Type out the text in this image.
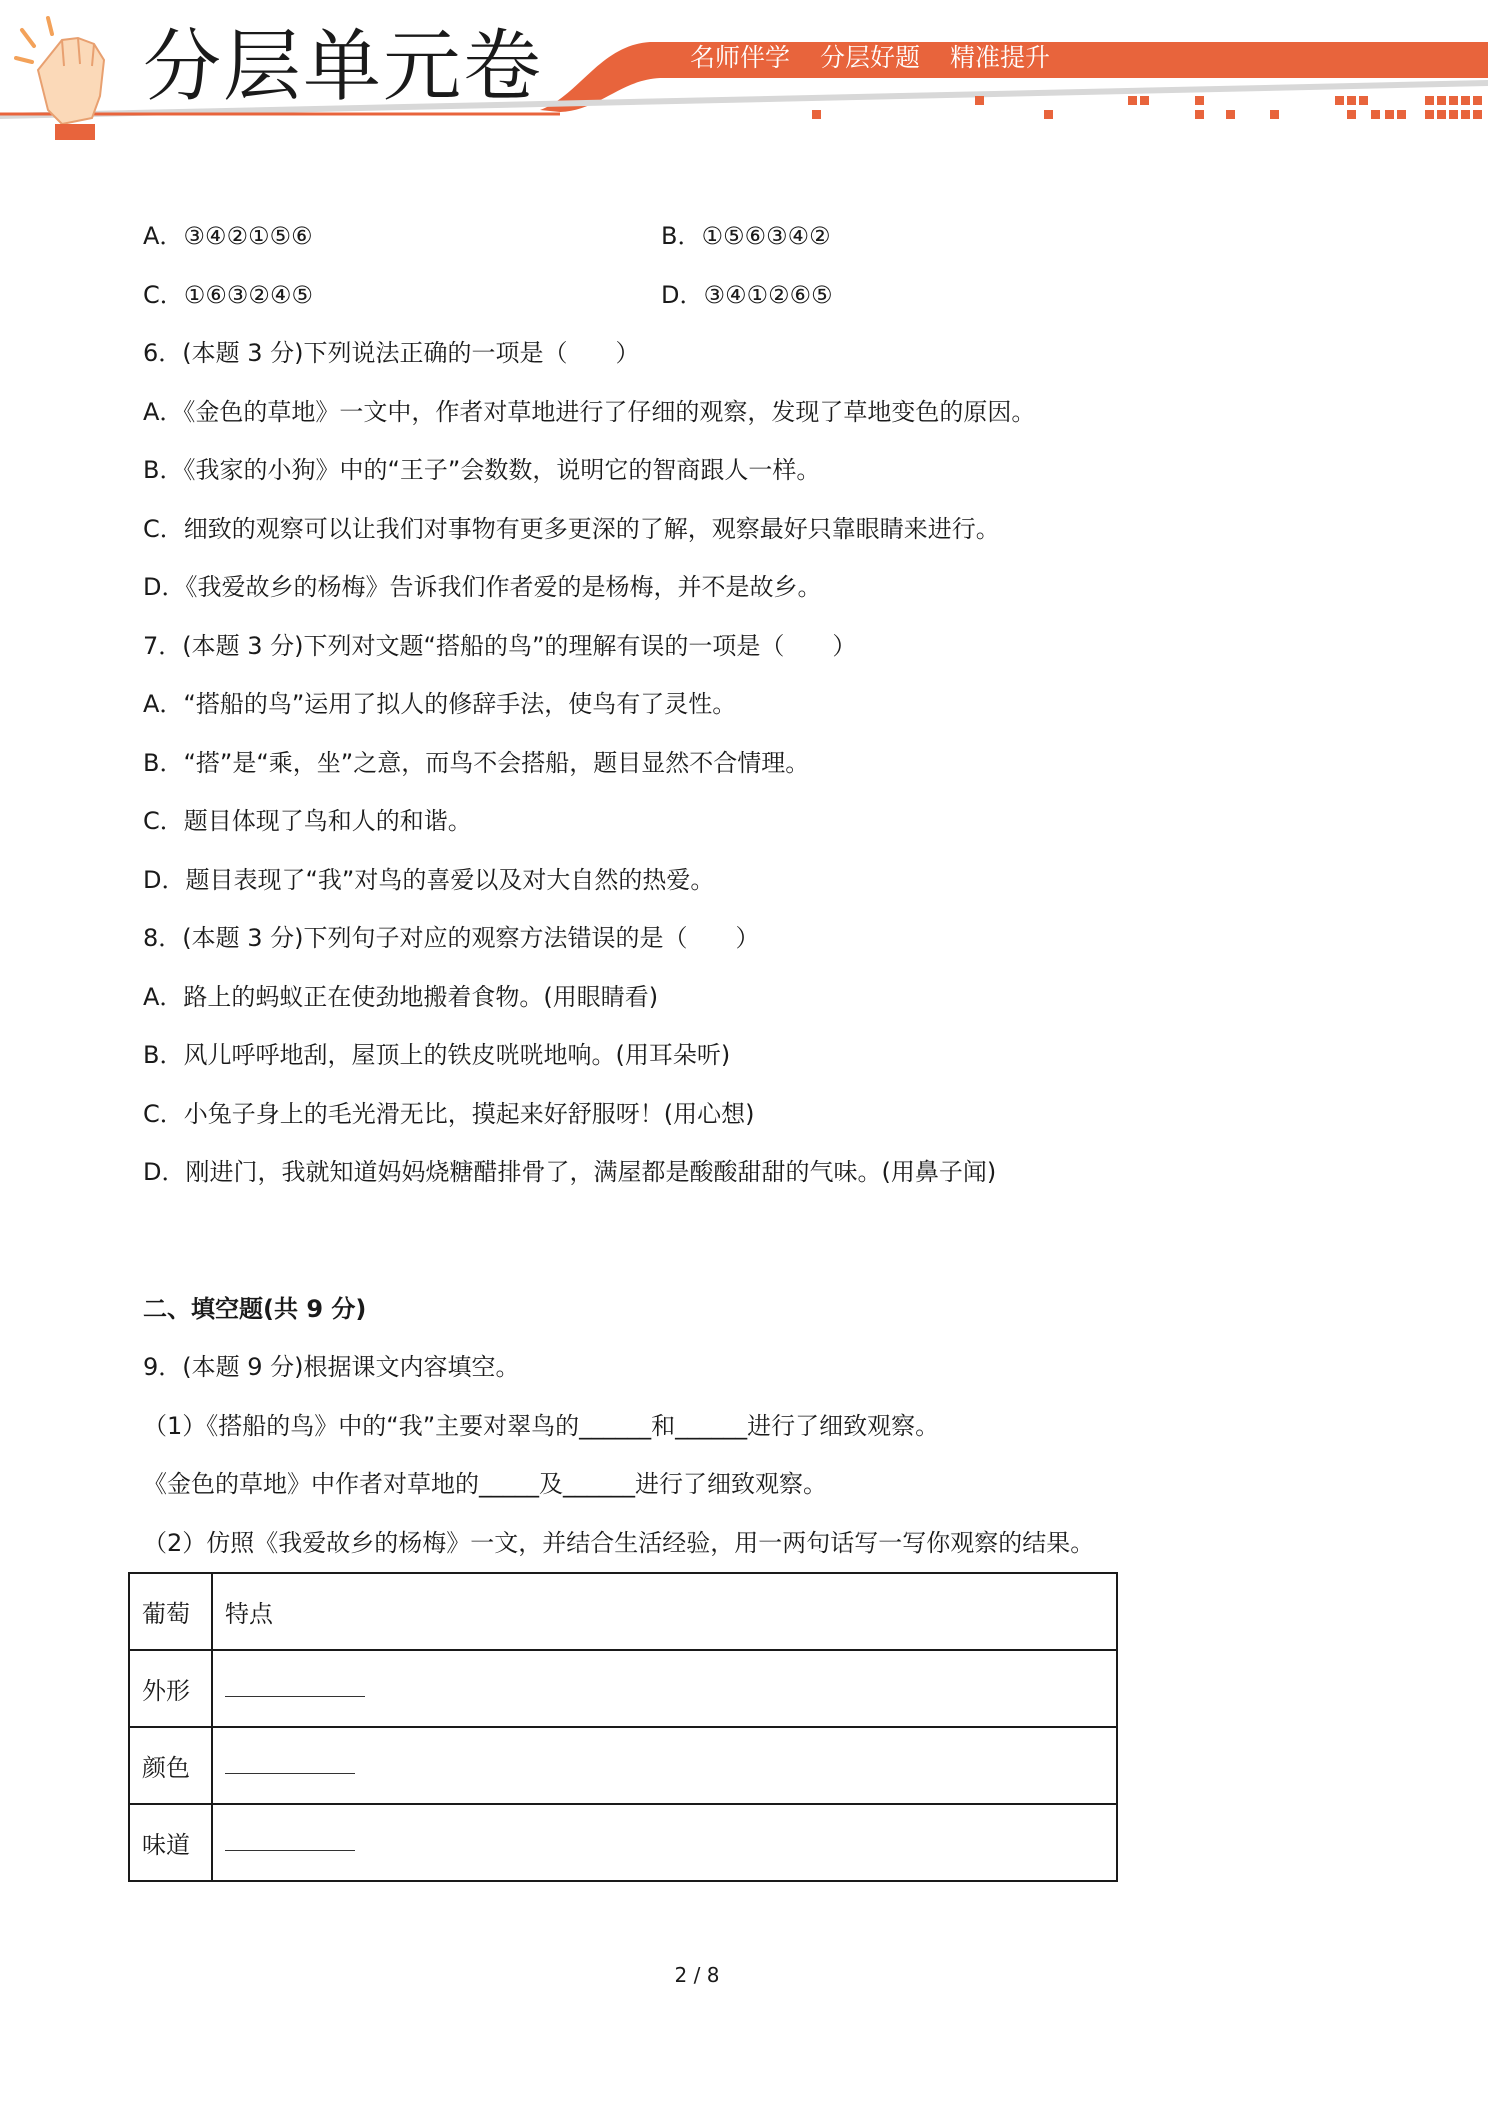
分层单元卷	名师伴学 分层好题 精准提升
A．③④②①⑤⑥	B．①⑤⑥③④②
C．①⑥③②④⑤	D．③④①②⑥⑤
6．(本题 3 分)下列说法正确的一项是（　　）
A．《金色的草地》一文中，作者对草地进行了仔细的观察，发现了草地变色的原因。
B．《我家的小狗》中的“王子”会数数，说明它的智商跟人一样。
C．细致的观察可以让我们对事物有更多更深的了解，观察最好只靠眼睛来进行。
D．《我爱故乡的杨梅》告诉我们作者爱的是杨梅，并不是故乡。
7．(本题 3 分)下列对文题“搭船的鸟”的理解有误的一项是（　　）
A．“搭船的鸟”运用了拟人的修辞手法，使鸟有了灵性。
B．“搭”是“乘，坐”之意，而鸟不会搭船，题目显然不合情理。
C．题目体现了鸟和人的和谐。
D．题目表现了“我”对鸟的喜爱以及对大自然的热爱。
8．(本题 3 分)下列句子对应的观察方法错误的是（　　）
A．路上的蚂蚁正在使劲地搬着食物。(用眼睛看)
B．风儿呼呼地刮，屋顶上的铁皮咣咣地响。(用耳朵听)
C．小兔子身上的毛光滑无比，摸起来好舒服呀！(用心想)
D．刚进门，我就知道妈妈烧糖醋排骨了，满屋都是酸酸甜甜的气味。(用鼻子闻)
二、填空题(共 9 分)
9．(本题 9 分)根据课文内容填空。
（1）《搭船的鸟》中的“我”主要对翠鸟的______和______进行了细致观察。
《金色的草地》中作者对草地的_____及______进行了细致观察。
（2）仿照《我爱故乡的杨梅》一文，并结合生活经验，用一两句话写一写你观察的结果。
葡萄	特点
外形	
颜色	
味道	
2 / 8
